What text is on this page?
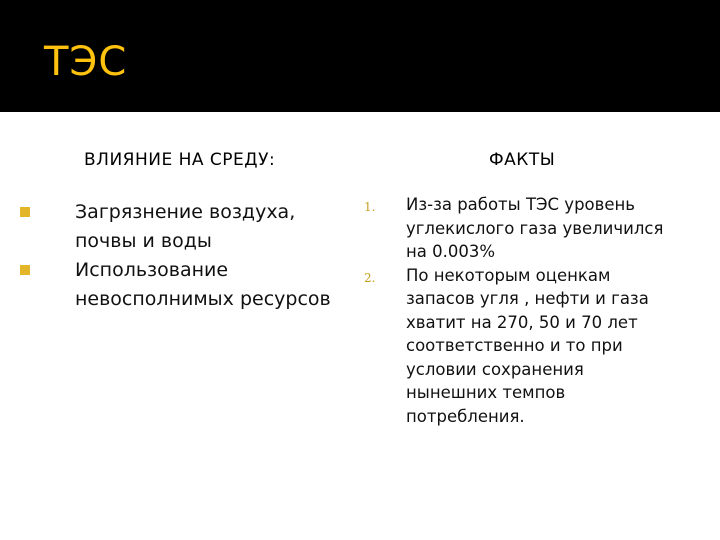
ТЭС
ВЛИЯНИЕ НА СРЕДУ:	ФАКТЫ
Загрязнение воздуха, почвы и воды
Использование невосполнимых ресурсов
1. Из-за работы ТЭС уровень углекислого газа увеличился на 0.003%
2. По некоторым оценкам запасов угля , нефти и газа хватит на 270, 50 и 70 лет соответственно и то при условии сохранения нынешних темпов потребления.
